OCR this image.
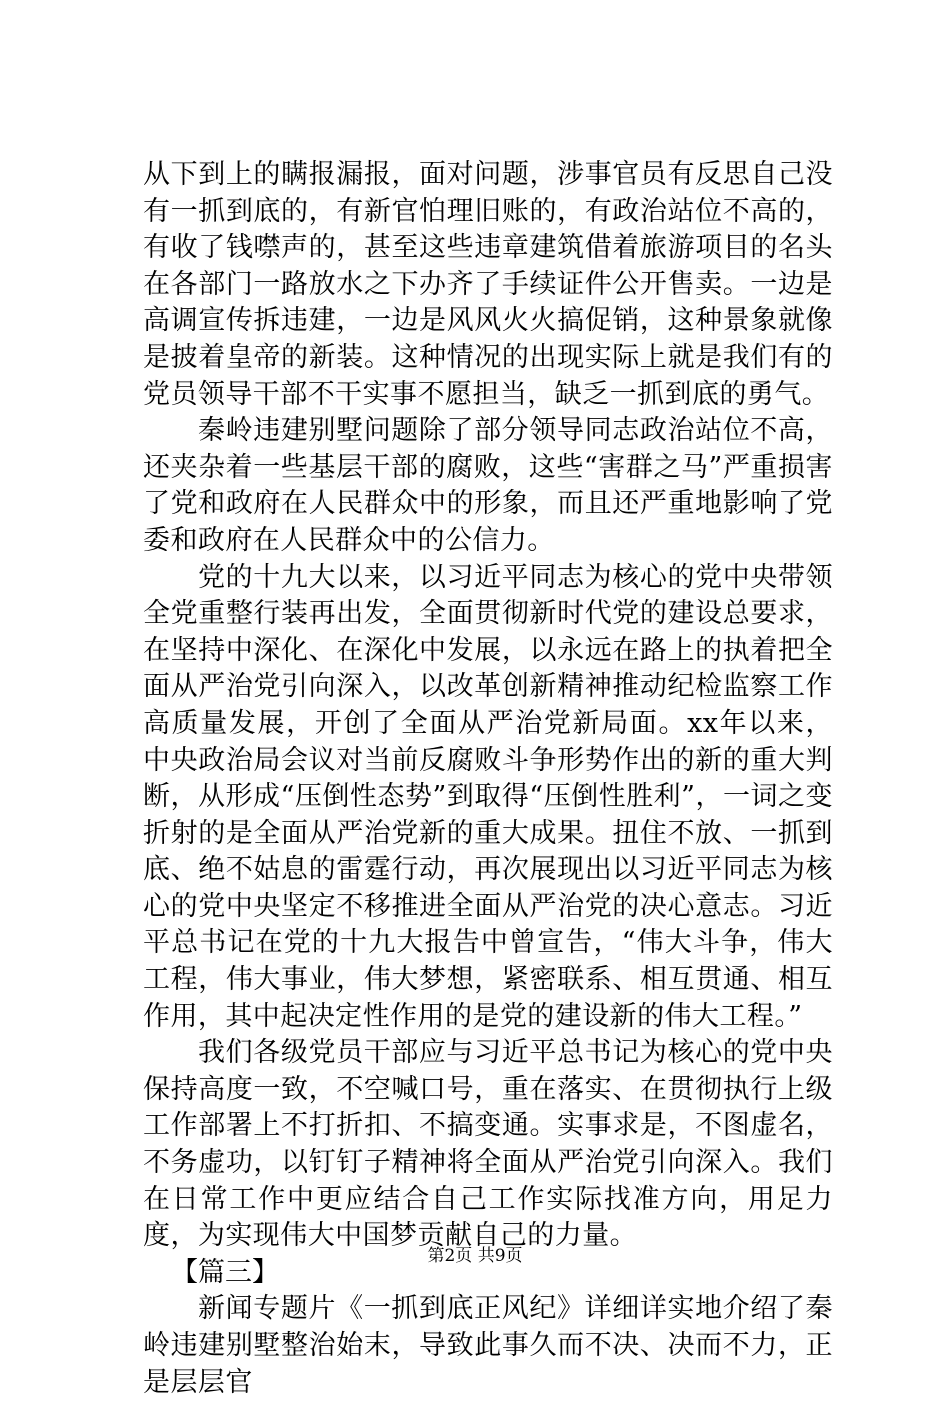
从下到上的瞒报漏报，面对问题，涉事官员有反思自己没有一抓到底的，有新官怕理旧账的，有政治站位不高的，有收了钱噤声的，甚至这些违章建筑借着旅游项目的名头在各部门一路放水之下办齐了手续证件公开售卖。一边是高调宣传拆违建，一边是风风火火搞促销，这种景象就像是披着皇帝的新装。这种情况的出现实际上就是我们有的党员领导干部不干实事不愿担当，缺乏一抓到底的勇气。

秦岭违建别墅问题除了部分领导同志政治站位不高，还夹杂着一些基层干部的腐败，这些“害群之马”严重损害了党和政府在人民群众中的形象，而且还严重地影响了党委和政府在人民群众中的公信力。

党的十九大以来，以习近平同志为核心的党中央带领全党重整行装再出发，全面贯彻新时代党的建设总要求，在坚持中深化、在深化中发展，以永远在路上的执着把全面从严治党引向深入，以改革创新精神推动纪检监察工作高质量发展，开创了全面从严治党新局面。xx年以来，中央政治局会议对当前反腐败斗争形势作出的新的重大判断，从形成“压倒性态势”到取得“压倒性胜利”，一词之变折射的是全面从严治党新的重大成果。扭住不放、一抓到底、绝不姑息的雷霆行动，再次展现出以习近平同志为核心的党中央坚定不移推进全面从严治党的决心意志。习近平总书记在党的十九大报告中曾宣告，“伟大斗争，伟大工程，伟大事业，伟大梦想，紧密联系、相互贯通、相互作用，其中起决定性作用的是党的建设新的伟大工程。”

我们各级党员干部应与习近平总书记为核心的党中央保持高度一致，不空喊口号，重在落实、在贯彻执行上级工作部署上不打折扣、不搞变通。实事求是，不图虚名，不务虚功，以钉钉子精神将全面从严治党引向深入。我们在日常工作中更应结合自己工作实际找准方向，用足力度，为实现伟大中国梦贡献自己的力量。

【篇三】

新闻专题片《一抓到底正风纪》详细详实地介绍了秦岭违建别墅整治始末，导致此事久而不决、决而不力，正是层层官

第2页 共9页
